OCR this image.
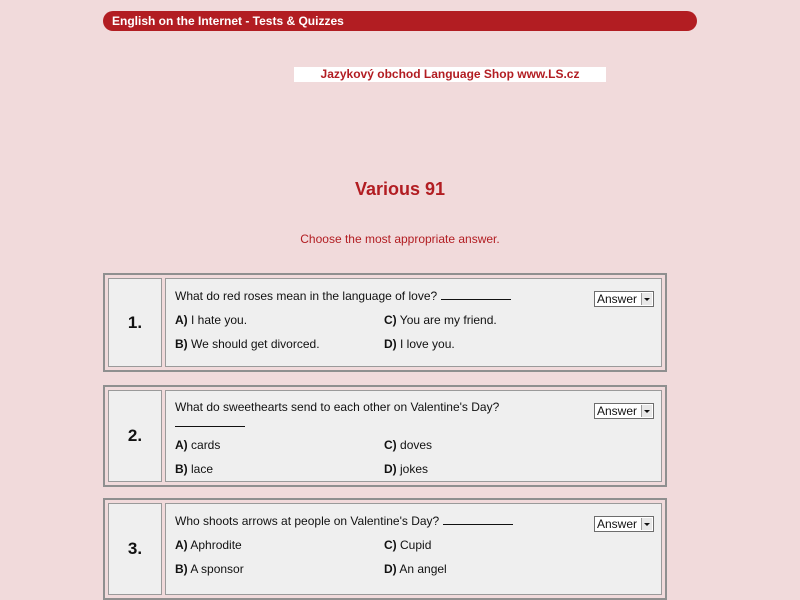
English on the Internet - Tests & Quizzes
Jazykový obchod Language Shop www.LS.cz
Various 91
Choose the most appropriate answer.
1.
What do red roses mean in the language of love?	Answer
A) I hate you.
B) We should get divorced.
C) You are my friend.
D) I love you.
2.
What do sweethearts send to each other on Valentine's Day?	Answer
A) cards
B) lace
C) doves
D) jokes
3.
Who shoots arrows at people on Valentine's Day?	Answer
A) Aphrodite
B) A sponsor
C) Cupid
D) An angel
